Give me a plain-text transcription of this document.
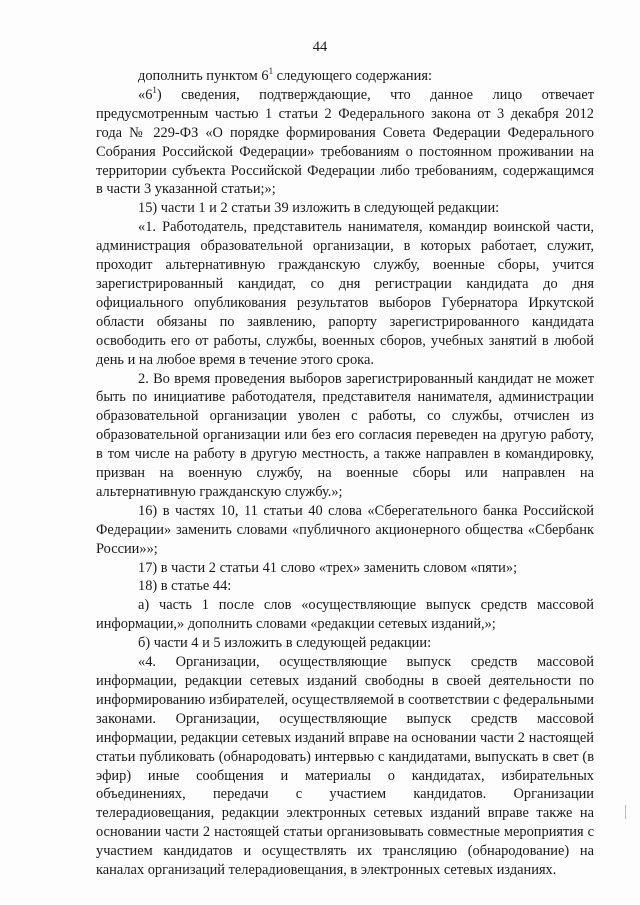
44

дополнить пунктом $6^1$ следующего содержания:

«$6^1$) сведения, подтверждающие, что данное лицо отвечает предусмотренным частью 1 статьи 2 Федерального закона от 3 декабря 2012 года № 229-ФЗ «О порядке формирования Совета Федерации Федерального Собрания Российской Федерации» требованиям о постоянном проживании на территории субъекта Российской Федерации либо требованиям, содержащимся в части 3 указанной статьи;»;

15) части 1 и 2 статьи 39 изложить в следующей редакции:

«1. Работодатель, представитель нанимателя, командир воинской части, администрация образовательной организации, в которых работает, служит, проходит альтернативную гражданскую службу, военные сборы, учится зарегистрированный кандидат, со дня регистрации кандидата до дня официального опубликования результатов выборов Губернатора Иркутской области обязаны по заявлению, рапорту зарегистрированного кандидата освободить его от работы, службы, военных сборов, учебных занятий в любой день и на любое время в течение этого срока.

2. Во время проведения выборов зарегистрированный кандидат не может быть по инициативе работодателя, представителя нанимателя, администрации образовательной организации уволен с работы, со службы, отчислен из образовательной организации или без его согласия переведен на другую работу, в том числе на работу в другую местность, а также направлен в командировку, призван на военную службу, на военные сборы или направлен на альтернативную гражданскую службу.»;

16) в частях 10, 11 статьи 40 слова «Сберегательного банка Российской Федерации» заменить словами «публичного акционерного общества «Сбербанк России»»;

17) в части 2 статьи 41 слово «трех» заменить словом «пяти»;

18) в статье 44:

а) часть 1 после слов «осуществляющие выпуск средств массовой информации,» дополнить словами «редакции сетевых изданий,»;

б) части 4 и 5 изложить в следующей редакции:

«4. Организации, осуществляющие выпуск средств массовой информации, редакции сетевых изданий свободны в своей деятельности по информированию избирателей, осуществляемой в соответствии с федеральными законами. Организации, осуществляющие выпуск средств массовой информации, редакции сетевых изданий вправе на основании части 2 настоящей статьи публиковать (обнародовать) интервью с кандидатами, выпускать в свет (в эфир) иные сообщения и материалы о кандидатах, избирательных объединениях, передачи с участием кандидатов. Организации телерадиовещания, редакции электронных сетевых изданий вправе также на основании части 2 настоящей статьи организовывать совместные мероприятия с участием кандидатов и осуществлять их трансляцию (обнародование) на каналах организаций телерадиовещания, в электронных сетевых изданиях.
